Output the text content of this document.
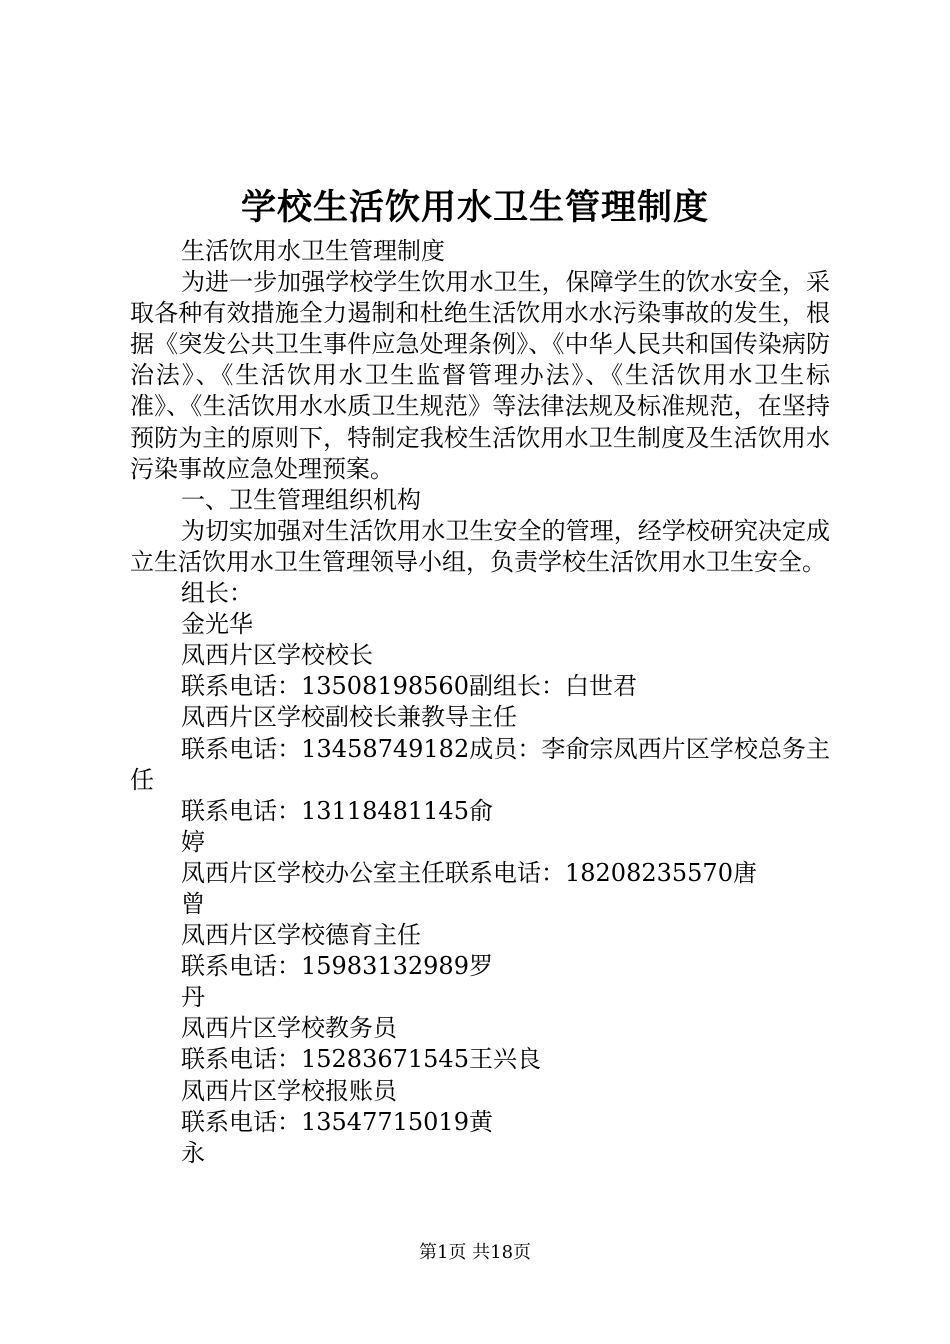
学校生活饮用水卫生管理制度

生活饮用水卫生管理制度

为进一步加强学校学生饮用水卫生，保障学生的饮水安全，采取各种有效措施全力遏制和杜绝生活饮用水水污染事故的发生，根据《突发公共卫生事件应急处理条例》、《中华人民共和国传染病防治法》、《生活饮用水卫生监督管理办法》、《生活饮用水卫生标准》、《生活饮用水水质卫生规范》等法律法规及标准规范，在坚持预防为主的原则下，特制定我校生活饮用水卫生制度及生活饮用水污染事故应急处理预案。

一、卫生管理组织机构

为切实加强对生活饮用水卫生安全的管理，经学校研究决定成立生活饮用水卫生管理领导小组，负责学校生活饮用水卫生安全。

组长：

金光华

凤西片区学校校长

联系电话：13508198560副组长：白世君

凤西片区学校副校长兼教导主任

联系电话：13458749182成员：李俞宗凤西片区学校总务主任

联系电话：13118481145俞

婷

凤西片区学校办公室主任联系电话：18208235570唐

曾

凤西片区学校德育主任

联系电话：15983132989罗

丹

凤西片区学校教务员

联系电话：15283671545王兴良

凤西片区学校报账员

联系电话：13547715019黄

永

第1页 共18页
